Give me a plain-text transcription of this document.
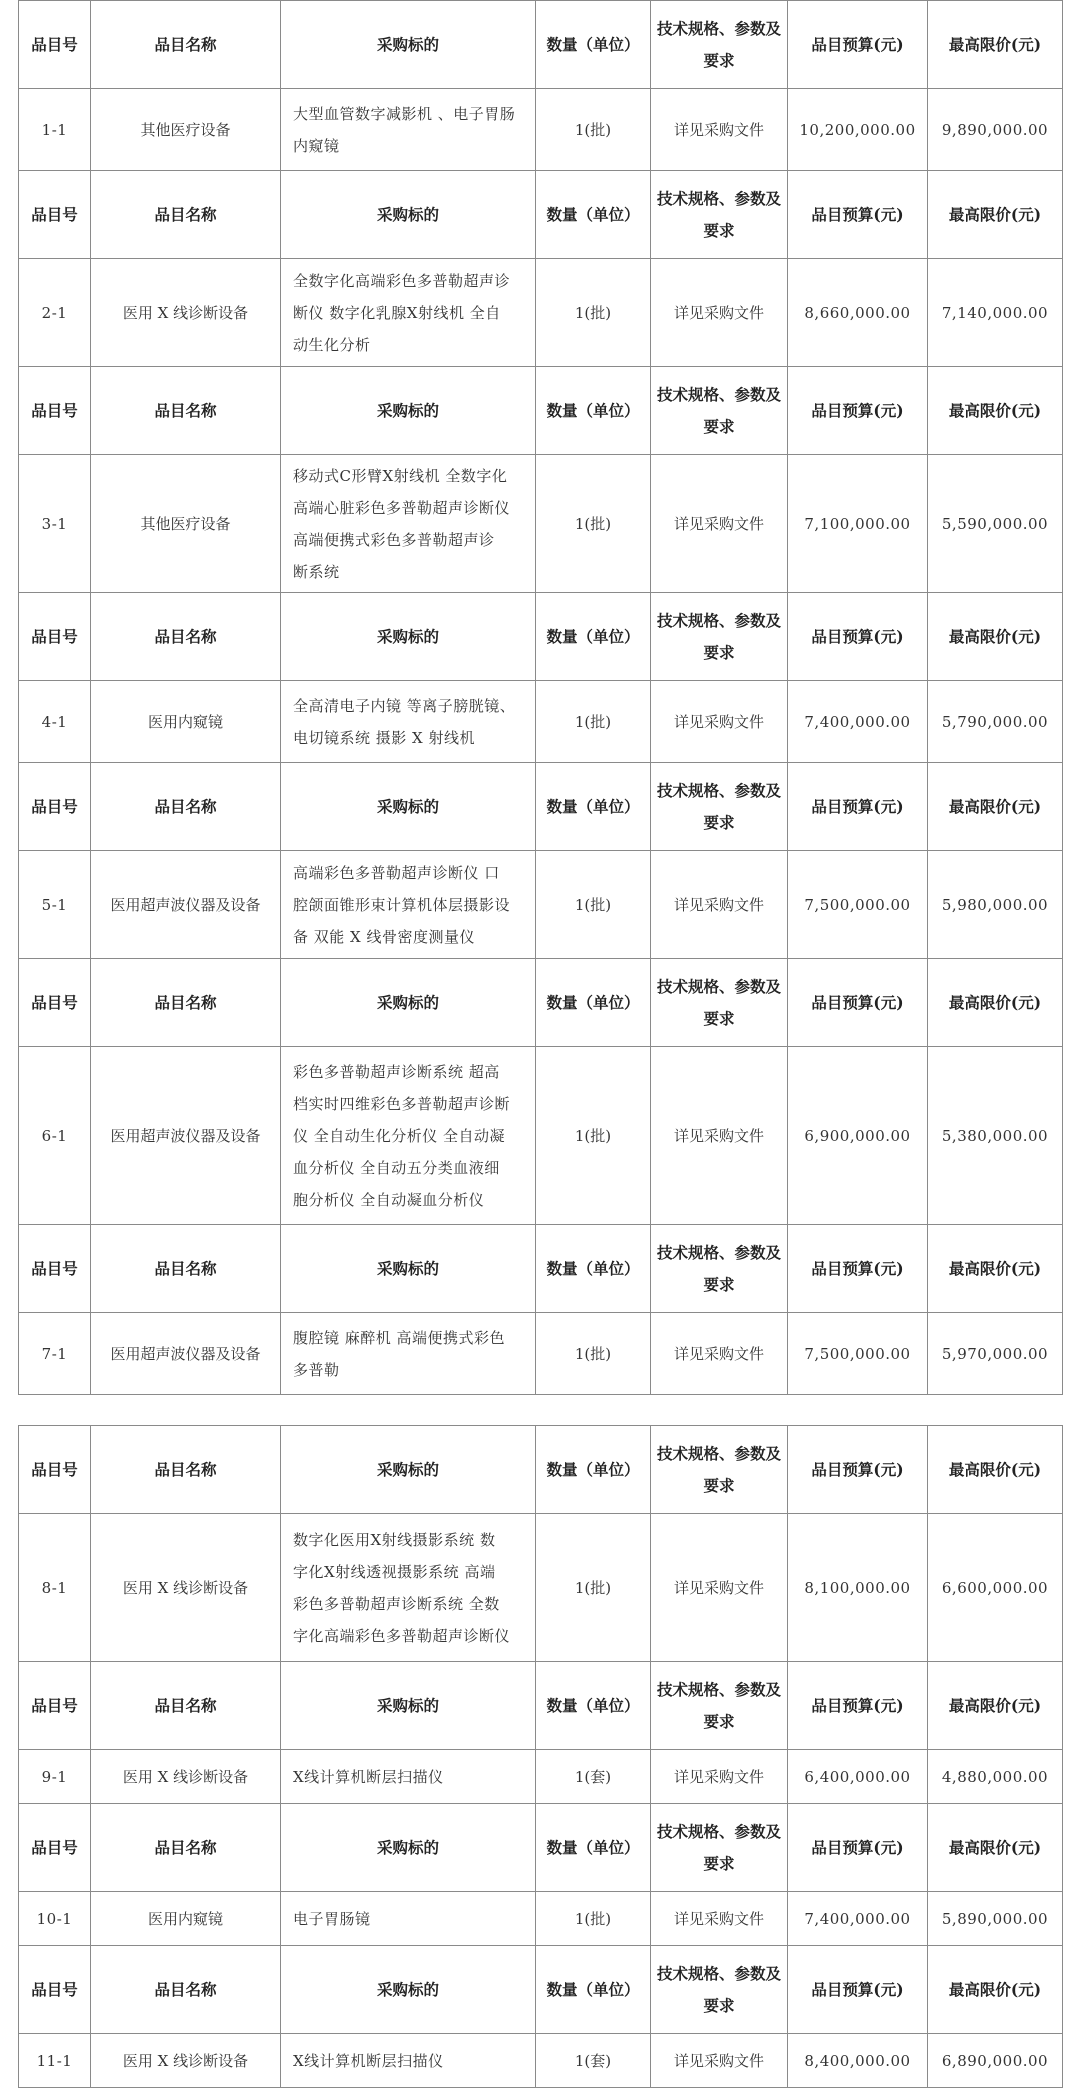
品目号	品目名称	采购标的	数量（单位）	技术规格、参数及要求	品目预算(元)	最高限价(元)
1-1	其他医疗设备	大型血管数字减影机 、电子胃肠
内窥镜	1(批)	详见采购文件	10,200,000.00	9,890,000.00
品目号	品目名称	采购标的	数量（单位）	技术规格、参数及要求	品目预算(元)	最高限价(元)
2-1	医用 X 线诊断设备	全数字化高端彩色多普勒超声诊
断仪 数字化乳腺X射线机 全自
动生化分析	1(批)	详见采购文件	8,660,000.00	7,140,000.00
品目号	品目名称	采购标的	数量（单位）	技术规格、参数及要求	品目预算(元)	最高限价(元)
3-1	其他医疗设备	移动式C形臂X射线机 全数字化
高端心脏彩色多普勒超声诊断仪
高端便携式彩色多普勒超声诊
断系统	1(批)	详见采购文件	7,100,000.00	5,590,000.00
品目号	品目名称	采购标的	数量（单位）	技术规格、参数及要求	品目预算(元)	最高限价(元)
4-1	医用内窥镜	全高清电子内镜 等离子膀胱镜、
电切镜系统 摄影 X 射线机	1(批)	详见采购文件	7,400,000.00	5,790,000.00
品目号	品目名称	采购标的	数量（单位）	技术规格、参数及要求	品目预算(元)	最高限价(元)
5-1	医用超声波仪器及设备	高端彩色多普勒超声诊断仪 口
腔颌面锥形束计算机体层摄影设
备 双能 X 线骨密度测量仪	1(批)	详见采购文件	7,500,000.00	5,980,000.00
品目号	品目名称	采购标的	数量（单位）	技术规格、参数及要求	品目预算(元)	最高限价(元)
6-1	医用超声波仪器及设备	彩色多普勒超声诊断系统 超高
档实时四维彩色多普勒超声诊断
仪 全自动生化分析仪 全自动凝
血分析仪 全自动五分类血液细
胞分析仪 全自动凝血分析仪	1(批)	详见采购文件	6,900,000.00	5,380,000.00
品目号	品目名称	采购标的	数量（单位）	技术规格、参数及要求	品目预算(元)	最高限价(元)
7-1	医用超声波仪器及设备	腹腔镜 麻醉机 高端便携式彩色
多普勒	1(批)	详见采购文件	7,500,000.00	5,970,000.00
品目号	品目名称	采购标的	数量（单位）	技术规格、参数及要求	品目预算(元)	最高限价(元)
8-1	医用 X 线诊断设备	数字化医用X射线摄影系统 数
字化X射线透视摄影系统 高端
彩色多普勒超声诊断系统 全数
字化高端彩色多普勒超声诊断仪	1(批)	详见采购文件	8,100,000.00	6,600,000.00
品目号	品目名称	采购标的	数量（单位）	技术规格、参数及要求	品目预算(元)	最高限价(元)
9-1	医用 X 线诊断设备	X线计算机断层扫描仪	1(套)	详见采购文件	6,400,000.00	4,880,000.00
品目号	品目名称	采购标的	数量（单位）	技术规格、参数及要求	品目预算(元)	最高限价(元)
10-1	医用内窥镜	电子胃肠镜	1(批)	详见采购文件	7,400,000.00	5,890,000.00
品目号	品目名称	采购标的	数量（单位）	技术规格、参数及要求	品目预算(元)	最高限价(元)
11-1	医用 X 线诊断设备	X线计算机断层扫描仪	1(套)	详见采购文件	8,400,000.00	6,890,000.00
